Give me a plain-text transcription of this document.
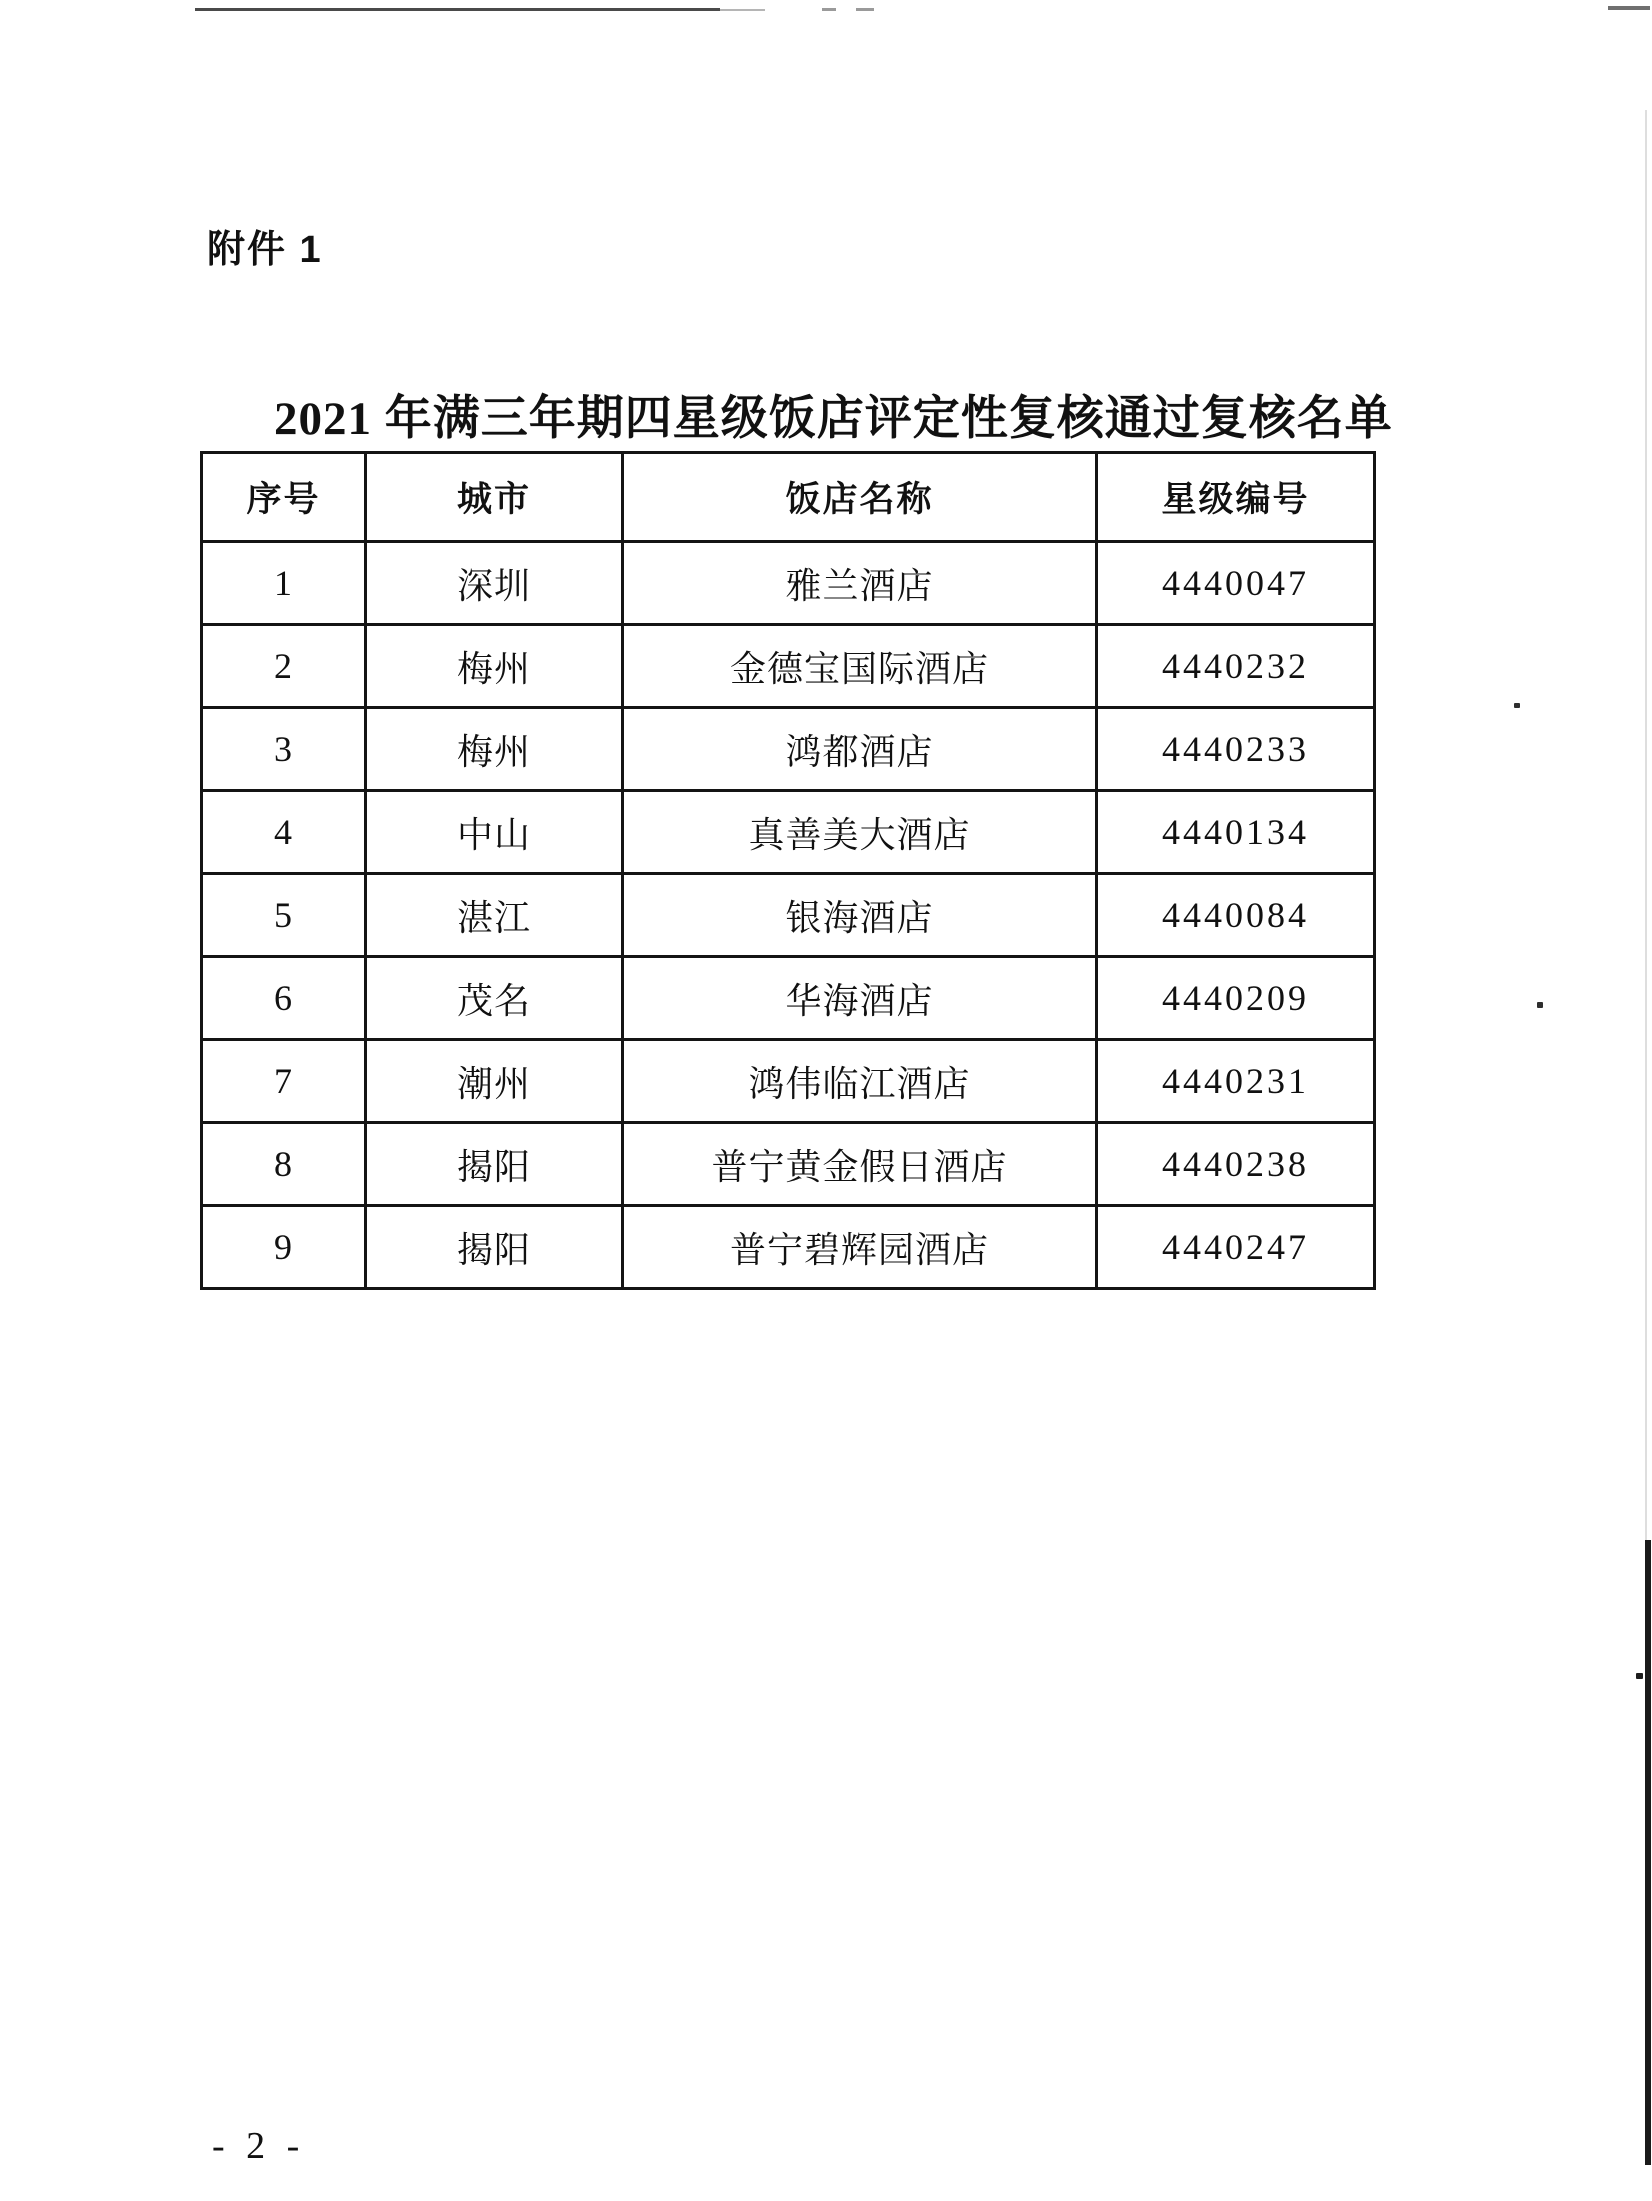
附件 1
2021 年满三年期四星级饭店评定性复核通过复核名单
序号	城市	饭店名称	星级编号
1	深圳	雅兰酒店	4440047
2	梅州	金德宝国际酒店	4440232
3	梅州	鸿都酒店	4440233
4	中山	真善美大酒店	4440134
5	湛江	银海酒店	4440084
6	茂名	华海酒店	4440209
7	潮州	鸿伟临江酒店	4440231
8	揭阳	普宁黄金假日酒店	4440238
9	揭阳	普宁碧辉园酒店	4440247
- 2 -
